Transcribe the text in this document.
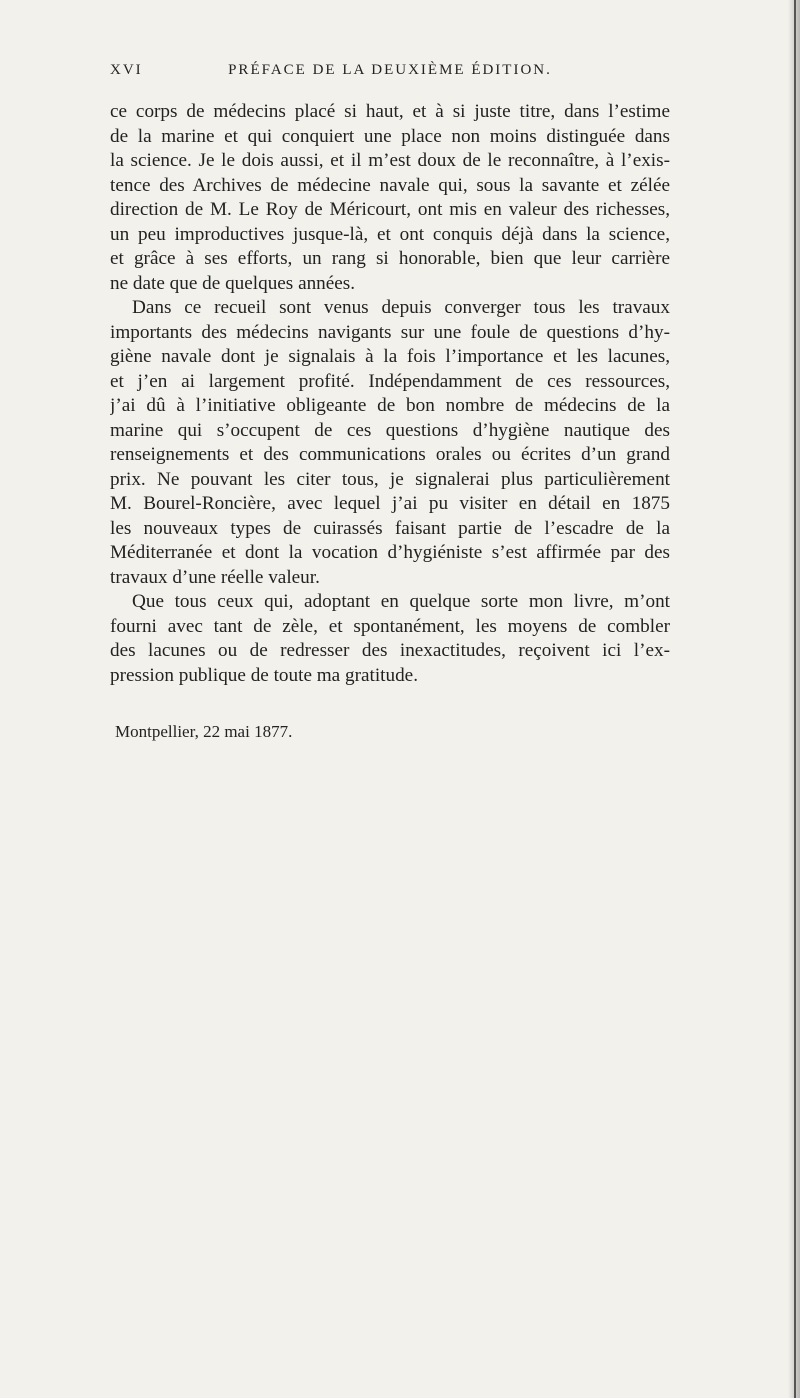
XVI	PRÉFACE DE LA DEUXIÈME ÉDITION.
ce corps de médecins placé si haut, et à si juste titre, dans l’estime
de la marine et qui conquiert une place non moins distinguée dans
la science. Je le dois aussi, et il m’est doux de le reconnaître, à l’exis-
tence des Archives de médecine navale qui, sous la savante et zélée
direction de M. Le Roy de Méricourt, ont mis en valeur des richesses,
un peu improductives jusque-là, et ont conquis déjà dans la science,
et grâce à ses efforts, un rang si honorable, bien que leur carrière
ne date que de quelques années.
Dans ce recueil sont venus depuis converger tous les travaux
importants des médecins navigants sur une foule de questions d’hy-
giène navale dont je signalais à la fois l’importance et les lacunes,
et j’en ai largement profité. Indépendamment de ces ressources,
j’ai dû à l’initiative obligeante de bon nombre de médecins de la
marine qui s’occupent de ces questions d’hygiène nautique des
renseignements et des communications orales ou écrites d’un grand
prix. Ne pouvant les citer tous, je signalerai plus particulièrement
M. Bourel-Roncière, avec lequel j’ai pu visiter en détail en 1875
les nouveaux types de cuirassés faisant partie de l’escadre de la
Méditerranée et dont la vocation d’hygiéniste s’est affirmée par des
travaux d’une réelle valeur.
Que tous ceux qui, adoptant en quelque sorte mon livre, m’ont
fourni avec tant de zèle, et spontanément, les moyens de combler
des lacunes ou de redresser des inexactitudes, reçoivent ici l’ex-
pression publique de toute ma gratitude.
Montpellier, 22 mai 1877.
